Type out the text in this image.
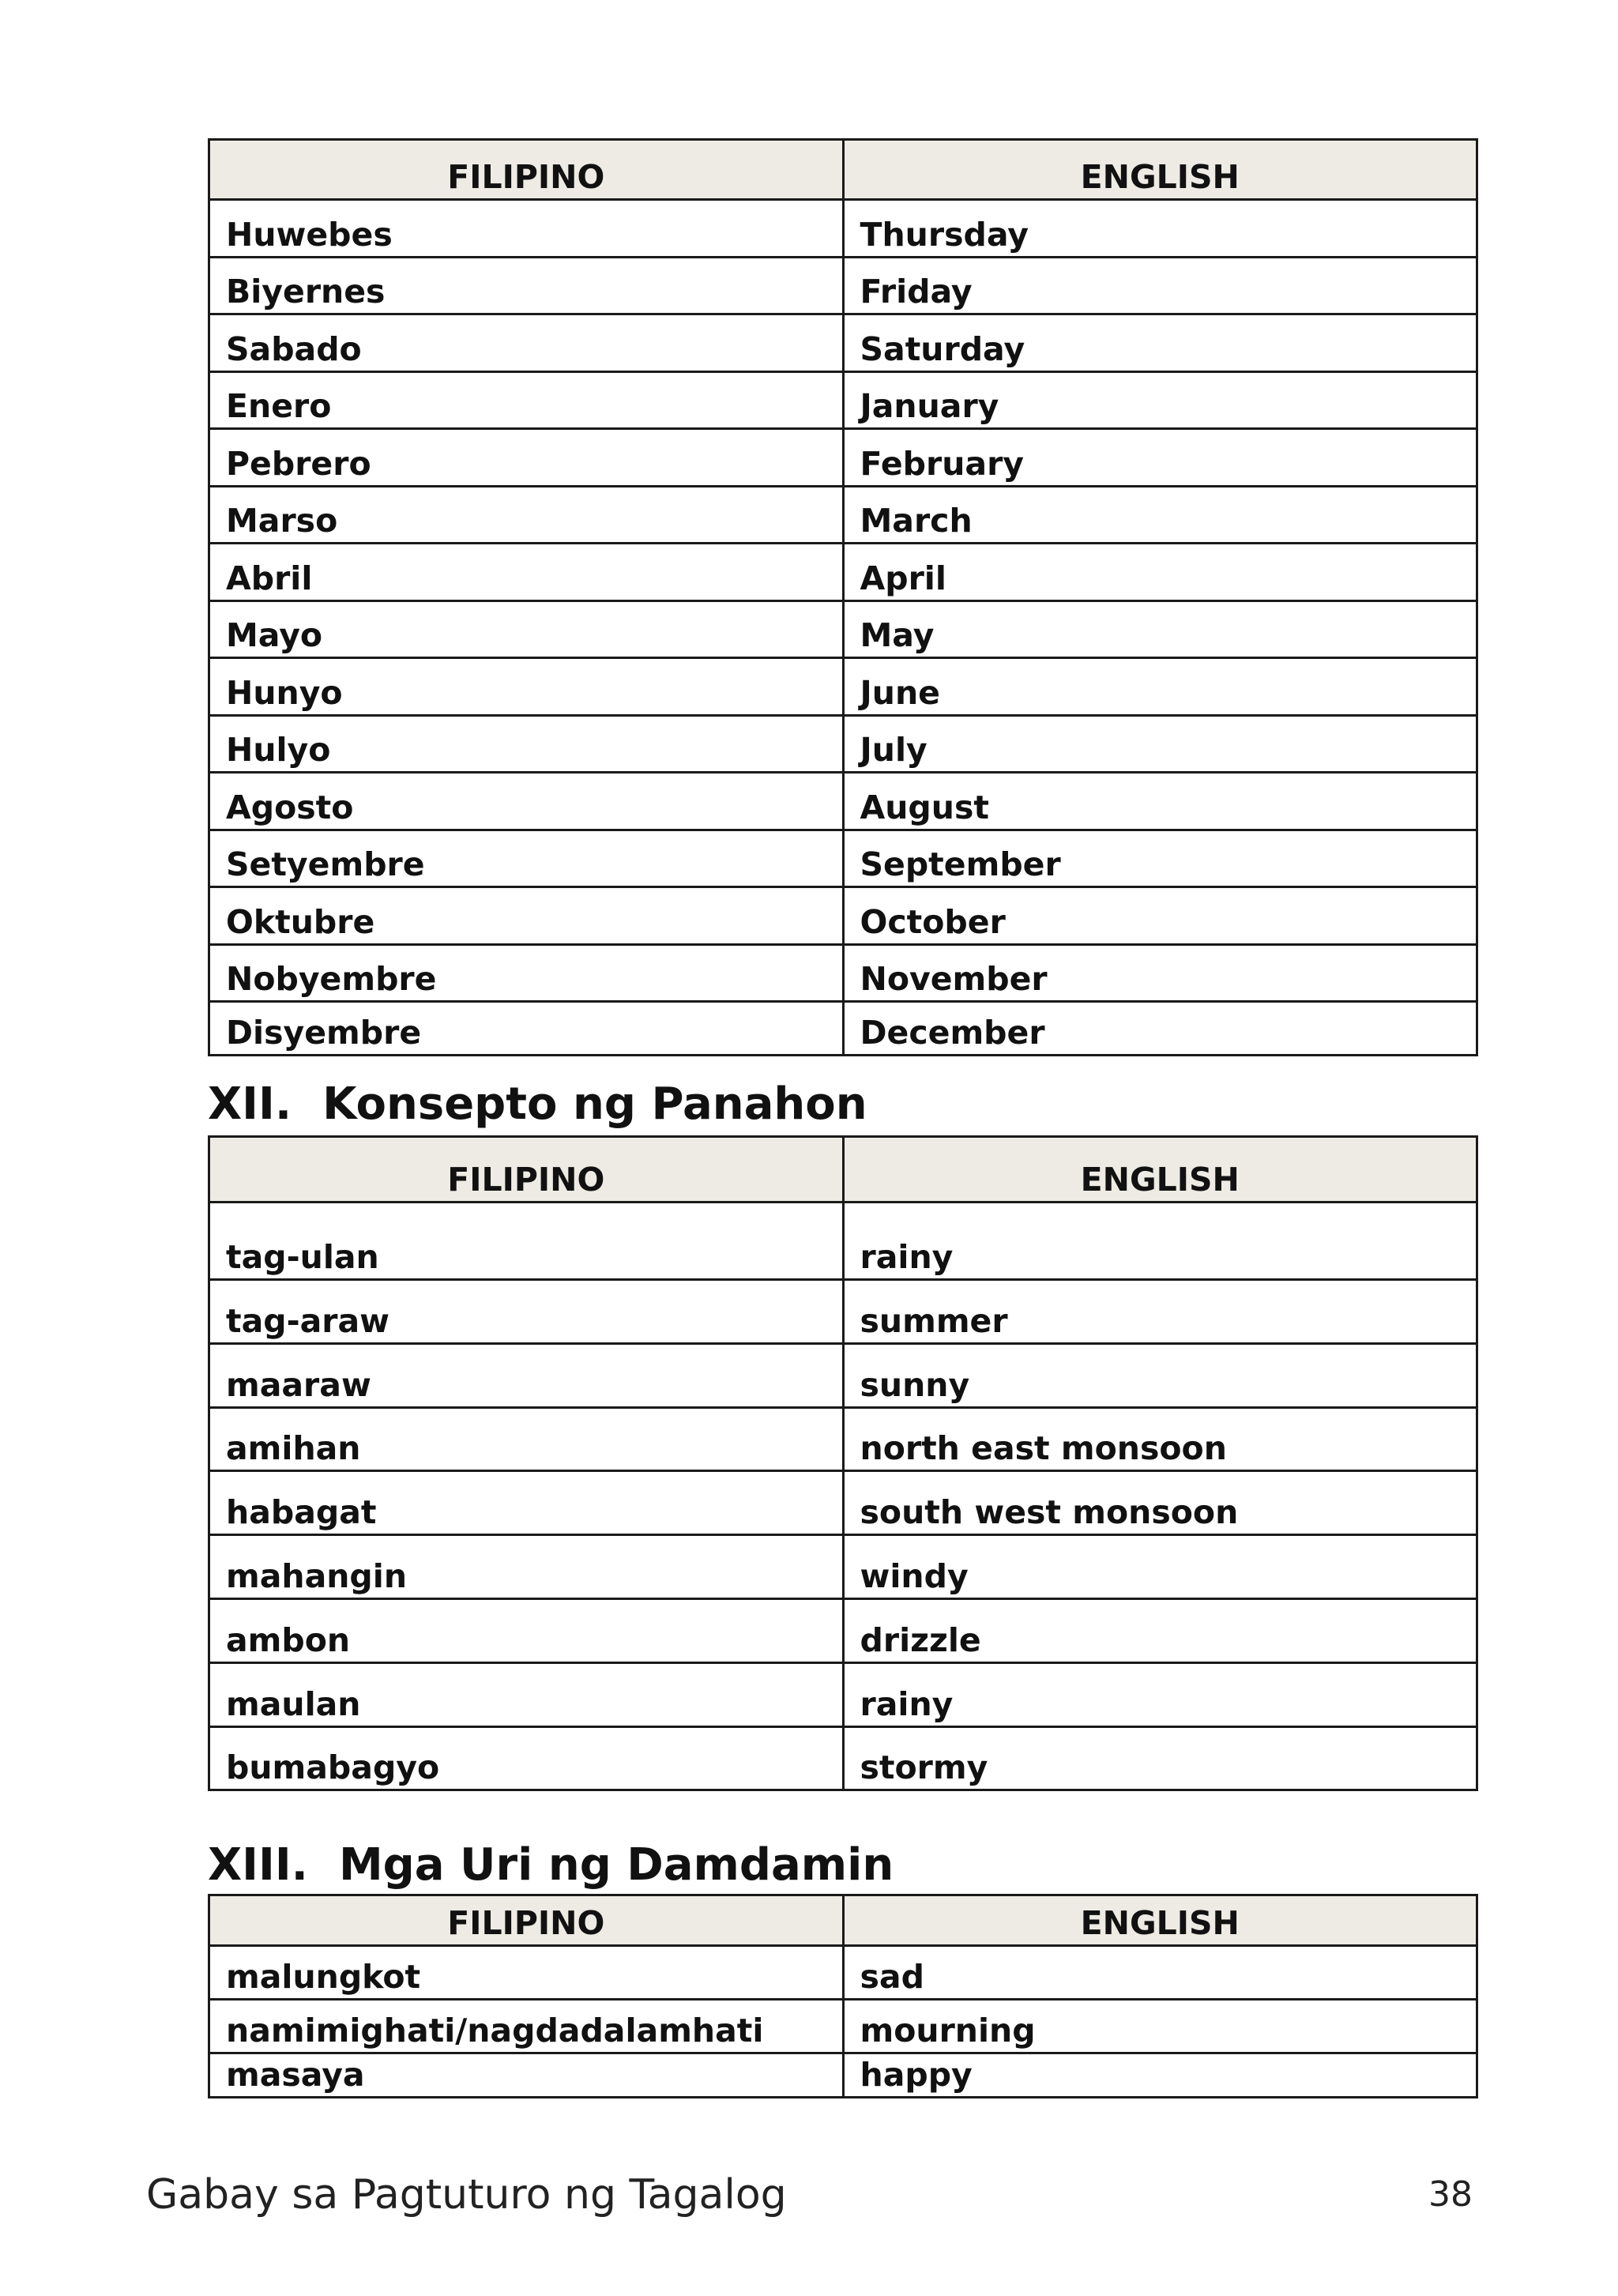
FILIPINO	ENGLISH
Huwebes	Thursday
Biyernes	Friday
Sabado	Saturday
Enero	January
Pebrero	February
Marso	March
Abril	April
Mayo	May
Hunyo	June
Hulyo	July
Agosto	August
Setyembre	September
Oktubre	October
Nobyembre	November
Disyembre	December
XII.  Konsepto ng Panahon
FILIPINO	ENGLISH
tag-ulan	rainy
tag-araw	summer
maaraw	sunny
amihan	north east monsoon
habagat	south west monsoon
mahangin	windy
ambon	drizzle
maulan	rainy
bumabagyo	stormy
XIII.  Mga Uri ng Damdamin
FILIPINO	ENGLISH
malungkot	sad
namimighati/nagdadalamhati	mourning
masaya	happy
Gabay sa Pagtuturo ng Tagalog	38
